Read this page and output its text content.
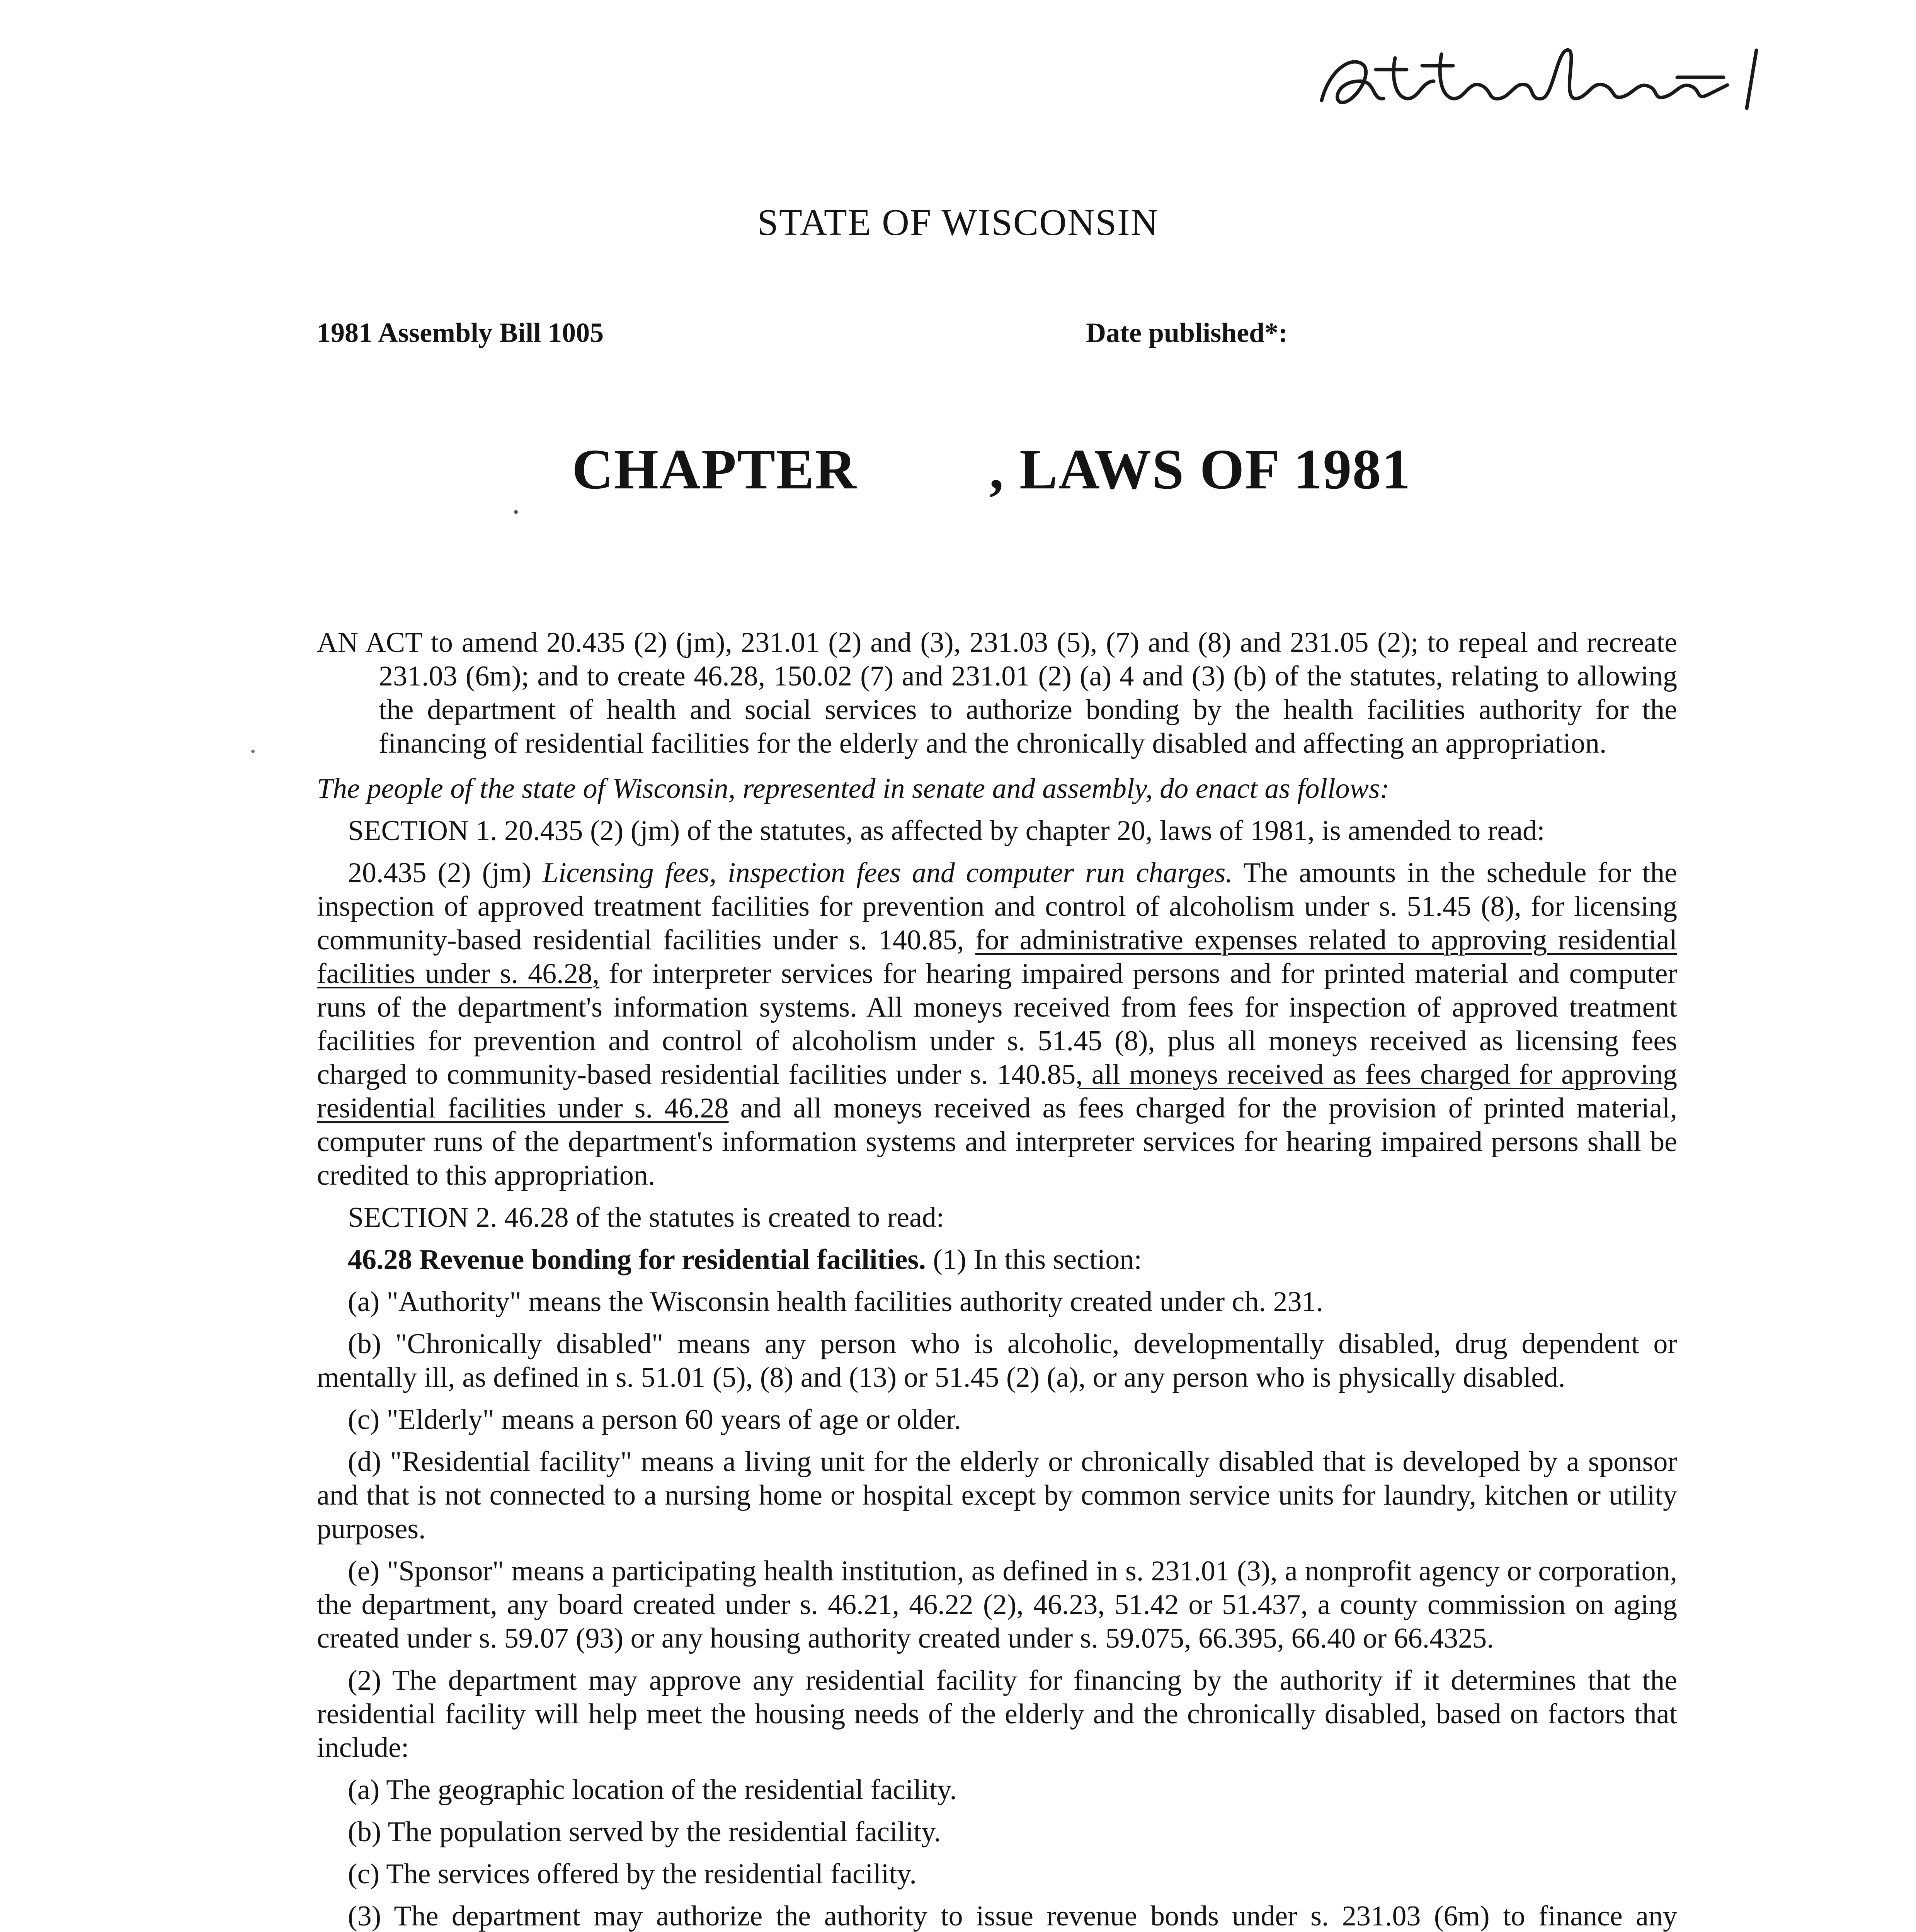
STATE OF WISCONSIN
1981 Assembly Bill 1005	Date published*:
CHAPTER , LAWS OF 1981

AN ACT to amend 20.435 (2) (jm), 231.01 (2) and (3), 231.03 (5), (7) and (8) and 231.05 (2); to repeal and recreate 231.03 (6m); and to create 46.28, 150.02 (7) and 231.01 (2) (a) 4 and (3) (b) of the statutes, relating to allowing the department of health and social services to authorize bonding by the health facilities authority for the financing of residential facilities for the elderly and the chronically disabled and affecting an appropriation.

The people of the state of Wisconsin, represented in senate and assembly, do enact as follows:

SECTION 1. 20.435 (2) (jm) of the statutes, as affected by chapter 20, laws of 1981, is amended to read:

20.435 (2) (jm) Licensing fees, inspection fees and computer run charges. The amounts in the schedule for the inspection of approved treatment facilities for prevention and control of alcoholism under s. 51.45 (8), for licensing community-based residential facilities under s. 140.85, for administrative expenses related to approving residential facilities under s. 46.28, for interpreter services for hearing impaired persons and for printed material and computer runs of the department's information systems. All moneys received from fees for inspection of approved treatment facilities for prevention and control of alcoholism under s. 51.45 (8), plus all moneys received as licensing fees charged to community-based residential facilities under s. 140.85, all moneys received as fees charged for approving residential facilities under s. 46.28 and all moneys received as fees charged for the provision of printed material, computer runs of the department's information systems and interpreter services for hearing impaired persons shall be credited to this appropriation.

SECTION 2. 46.28 of the statutes is created to read:

46.28 Revenue bonding for residential facilities. (1) In this section:

(a) "Authority" means the Wisconsin health facilities authority created under ch. 231.

(b) "Chronically disabled" means any person who is alcoholic, developmentally disabled, drug dependent or mentally ill, as defined in s. 51.01 (5), (8) and (13) or 51.45 (2) (a), or any person who is physically disabled.

(c) "Elderly" means a person 60 years of age or older.

(d) "Residential facility" means a living unit for the elderly or chronically disabled that is developed by a sponsor and that is not connected to a nursing home or hospital except by common service units for laundry, kitchen or utility purposes.

(e) "Sponsor" means a participating health institution, as defined in s. 231.01 (3), a nonprofit agency or corporation, the department, any board created under s. 46.21, 46.22 (2), 46.23, 51.42 or 51.437, a county commission on aging created under s. 59.07 (93) or any housing authority created under s. 59.075, 66.395, 66.40 or 66.4325.

(2) The department may approve any residential facility for financing by the authority if it determines that the residential facility will help meet the housing needs of the elderly and the chronically disabled, based on factors that include:

(a) The geographic location of the residential facility.

(b) The population served by the residential facility.

(c) The services offered by the residential facility.

(3) The department may authorize the authority to issue revenue bonds under s. 231.03 (6m) to finance any
